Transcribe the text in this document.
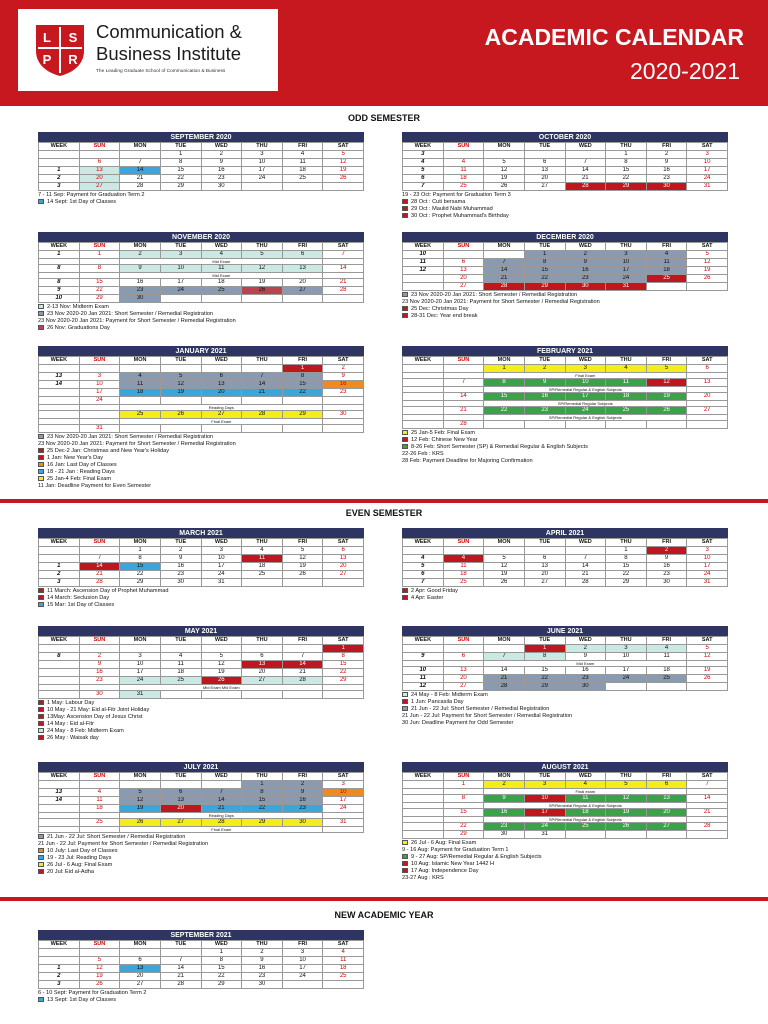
L S
P R
Communication &
Business Institute
The Leading Graduate School of Communication & Business
ACADEMIC CALENDAR
2020-2021
ODD SEMESTER
EVEN SEMESTER
NEW ACADEMIC YEAR
SEPTEMBER 2020
WEEK	SUN	MON	TUE	WED	THU	FRI	SAT
			1	2	3	4	5
	6	7	8	9	10	11	12
1	13	14	15	16	17	18	19
2	20	21	22	23	24	25	26
3	27	28	29	30			
7 - 11 Sep: Payment for Graduation Term 2
14 Sept: 1st Day of Classes
OCTOBER 2020
WEEK	SUN	MON	TUE	WED	THU	FRI	SAT
3					1	2	3
4	4	5	6	7	8	9	10
5	11	12	13	14	15	16	17
6	18	19	20	21	22	23	24
7	25	26	27	28	29	30	31
19 - 23 Oct: Payment for Graduation Term 3
28 Oct : Cuti bersama
29 Oct : Maulid Nabi Muhammad
30 Oct : Prophet Muhammad's Birthday
NOVEMBER 2020
WEEK	SUN	MON	TUE	WED	THU	FRI	SAT
1	1	2	3	4	5	6	7
		Mid Exam					
8	8	9	10	11	12	13	14
		Mid Exam					
8	15	16	17	18	19	20	21
9	22	23	24	25	26	27	28
10	29	30					
2-13 Nov: Midterm Exam
23 Nov 2020-20 Jan 2021: Short Semester / Remedial Registration
23 Nov 2020-20 Jan 2021: Payment for Short Semester / Remedial Registration
26 Nov: Graduations Day
DECEMBER 2020
WEEK	SUN	MON	TUE	WED	THU	FRI	SAT
10			1	2	3	4	5
11	6	7	8	9	10	11	12
12	13	14	15	16	17	18	19
	20	21	22	23	24	25	26
	27	28	29	30	31		
23 Nov 2020-20 Jan 2021: Short Semester / Remedial Registration
23 Nov 2020-20 Jan 2021: Payment for Short Semester / Remedial Registration
25 Dec: Christmas Day
28-31 Dec: Year end break
JANUARY 2021
WEEK	SUN	MON	TUE	WED	THU	FRI	SAT
						1	2
13	3	4	5	6	7	8	9
14	10	11	12	13	14	15	16
	17	18	19	20	21	22	23
	24						
		Reading Days					
		25	26	27	28	29	30
		Final Exam					
	31						
23 Nov 2020-20 Jan 2021: Short Semester / Remedial Registration
23 Nov 2020-20 Jan 2021: Payment for Short Semester / Remedial Registration
25 Dec-2 Jan: Christmas and New Year's Holiday
1 Jan: New Year's Day
16 Jan: Last Day of Classes
18 - 21 Jan : Reading Days
25 Jan-4 Feb: Final Exam
11 Jan: Deadline Payment for Even Semester
FEBRUARY 2021
WEEK	SUN	MON	TUE	WED	THU	FRI	SAT
		1	2	3	4	5	6
		Final Exam					
	7	8	9	10	11	12	13
		SP/Remedial Regular & English Subjects					
	14	15	16	17	18	19	20
		SP/Remedial Regular Subjects					
	21	22	23	24	25	26	27
		SP/Remedial Regular & English Subjects					
	28						
25 Jan-5 Feb: Final Exam
12 Feb: Chinese New Year
8-26 Feb: Short Semester (SP) & Remedial Regular & English Subjects
22-26 Feb : KRS
28 Feb: Payment Deadline for Majoring Confirmation
MARCH 2021
WEEK	SUN	MON	TUE	WED	THU	FRI	SAT
		1	2	3	4	5	6
	7	8	9	10	11	12	13
1	14	15	16	17	18	19	20
2	21	22	23	24	25	26	27
3	28	29	30	31			
11 March: Ascension Day of Prophet Muhammad
14 March: Seclusion Day
15 Mar: 1st Day of Classes
APRIL 2021
WEEK	SUN	MON	TUE	WED	THU	FRI	SAT
					1	2	3
4	4	5	6	7	8	9	10
5	11	12	13	14	15	16	17
6	18	19	20	21	22	23	24
7	25	26	27	28	29	30	31
2 Apr: Good Friday
4 Apr: Easter
MAY 2021
WEEK	SUN	MON	TUE	WED	THU	FRI	SAT
							1
8	2	3	4	5	6	7	8
	9	10	11	12	13	14	15
	16	17	18	19	20	21	22
	23	24	25	26	27	28	29
		Mid Exam Mid Exam					
	30	31					
1 May: Labour Day
10 May - 21 May: Eid al-Fitr Joint Holiday
13May: Ascension Day of Jesus Christ
14 May : Eid al-Fitr
24 May - 8 Feb: Midterm Exam
26 May : Waisak day
JUNE 2021
WEEK	SUN	MON	TUE	WED	THU	FRI	SAT
			1	2	3	4	5
9	6	7	8	9	10	11	12
		Mid Exam					
10	13	14	15	16	17	18	19
11	20	21	22	23	24	25	26
12	27	28	29	30			
24 May - 8 Feb: Midterm Exam
1 Jun: Pancasila Day
21 Jun - 22 Jul: Short Semester / Remedial Registration
21 Jun - 22 Jul: Payment for Short Semester / Remedial Registration
30 Jun: Deadline Payment for Odd Semester
JULY 2021
WEEK	SUN	MON	TUE	WED	THU	FRI	SAT
					1	2	3
13	4	5	6	7	8	9	10
14	11	12	13	14	15	16	17
	18	19	20	21	22	23	24
		Reading Days					
	25	26	27	28	29	30	31
		Final Exam					
21 Jun - 22 Jul: Short Semester / Remedial Registration
21 Jun - 22 Jul: Payment for Short Semester / Remedial Registration
10 July: Last Day of Classes
19 - 23 Jul: Reading Days
26 Jul - 6 Aug: Final Exam
20 Jul: Eid al-Adha
AUGUST 2021
WEEK	SUN	MON	TUE	WED	THU	FRI	SAT
	1	2	3	4	5	6	7
		Final exam					
	8	9	10	11	12	13	14
		SP/Remedial Regular & English Subjects					
	15	16	17	18	19	20	21
		SP/Remedial Regular & English Subjects					
	22	23	24	25	26	27	28
	29	30	31				
26 Jul - 6 Aug: Final Exam
9 - 16 Aug: Payment for Graduation Term 1
9 - 27 Aug: SP/Remedial Regular & English Subjects
10 Aug: Islamic New Year 1442 H
17 Aug: Independence Day
23-27 Aug : KRS
SEPTEMBER 2021
WEEK	SUN	MON	TUE	WED	THU	FRI	SAT
				1	2	3	4
	5	6	7	8	9	10	11
1	12	13	14	15	16	17	18
2	19	20	21	22	23	24	25
3	26	27	28	29	30		
6 - 10 Sept: Payment for Graduation Term 2
13 Sept: 1st Day of Classes
